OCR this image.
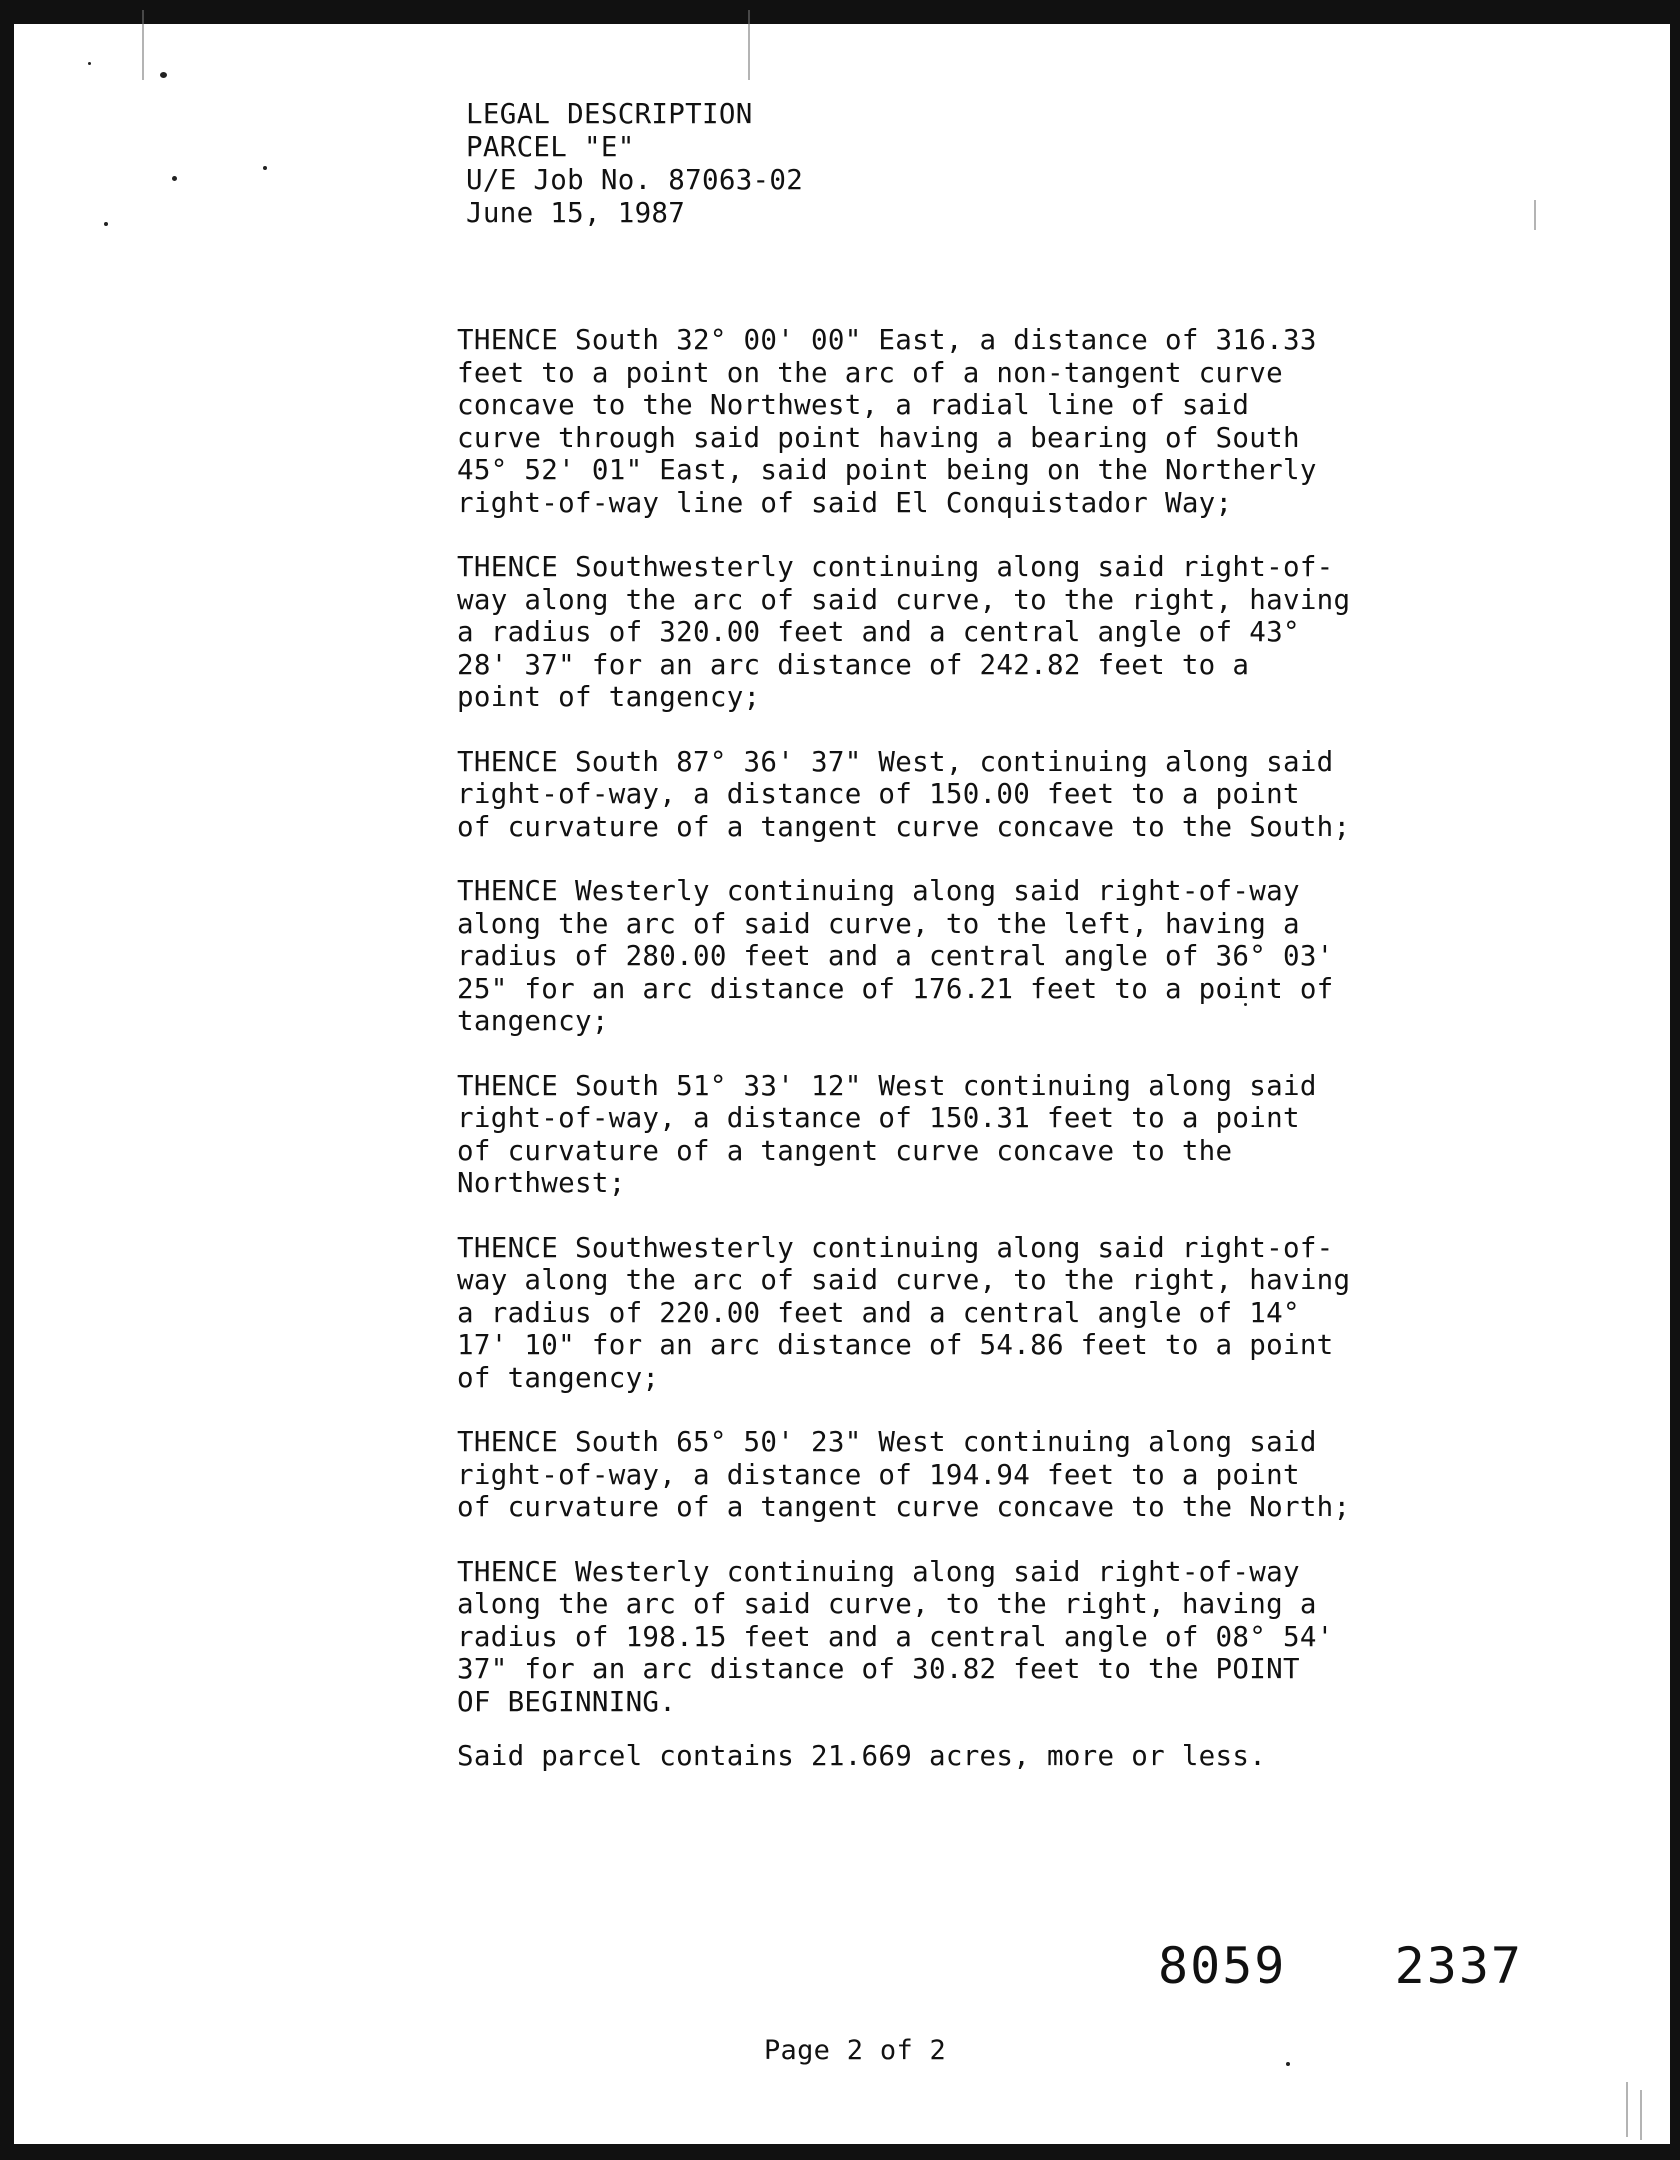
LEGAL DESCRIPTION
PARCEL "E"
U/E Job No. 87063-02
June 15, 1987
THENCE South 32° 00' 00" East, a distance of 316.33
feet to a point on the arc of a non-tangent curve
concave to the Northwest, a radial line of said
curve through said point having a bearing of South
45° 52' 01" East, said point being on the Northerly
right-of-way line of said El Conquistador Way;
THENCE Southwesterly continuing along said right-of-
way along the arc of said curve, to the right, having
a radius of 320.00 feet and a central angle of 43°
28' 37" for an arc distance of 242.82 feet to a
point of tangency;
THENCE South 87° 36' 37" West, continuing along said
right-of-way, a distance of 150.00 feet to a point
of curvature of a tangent curve concave to the South;
THENCE Westerly continuing along said right-of-way
along the arc of said curve, to the left, having a
radius of 280.00 feet and a central angle of 36° 03'
25" for an arc distance of 176.21 feet to a point of
tangency;
THENCE South 51° 33' 12" West continuing along said
right-of-way, a distance of 150.31 feet to a point
of curvature of a tangent curve concave to the
Northwest;
THENCE Southwesterly continuing along said right-of-
way along the arc of said curve, to the right, having
a radius of 220.00 feet and a central angle of 14°
17' 10" for an arc distance of 54.86 feet to a point
of tangency;
THENCE South 65° 50' 23" West continuing along said
right-of-way, a distance of 194.94 feet to a point
of curvature of a tangent curve concave to the North;
THENCE Westerly continuing along said right-of-way
along the arc of said curve, to the right, having a
radius of 198.15 feet and a central angle of 08° 54'
37" for an arc distance of 30.82 feet to the POINT
OF BEGINNING.
Said parcel contains 21.669 acres, more or less.
8059  2337
Page 2 of 2
